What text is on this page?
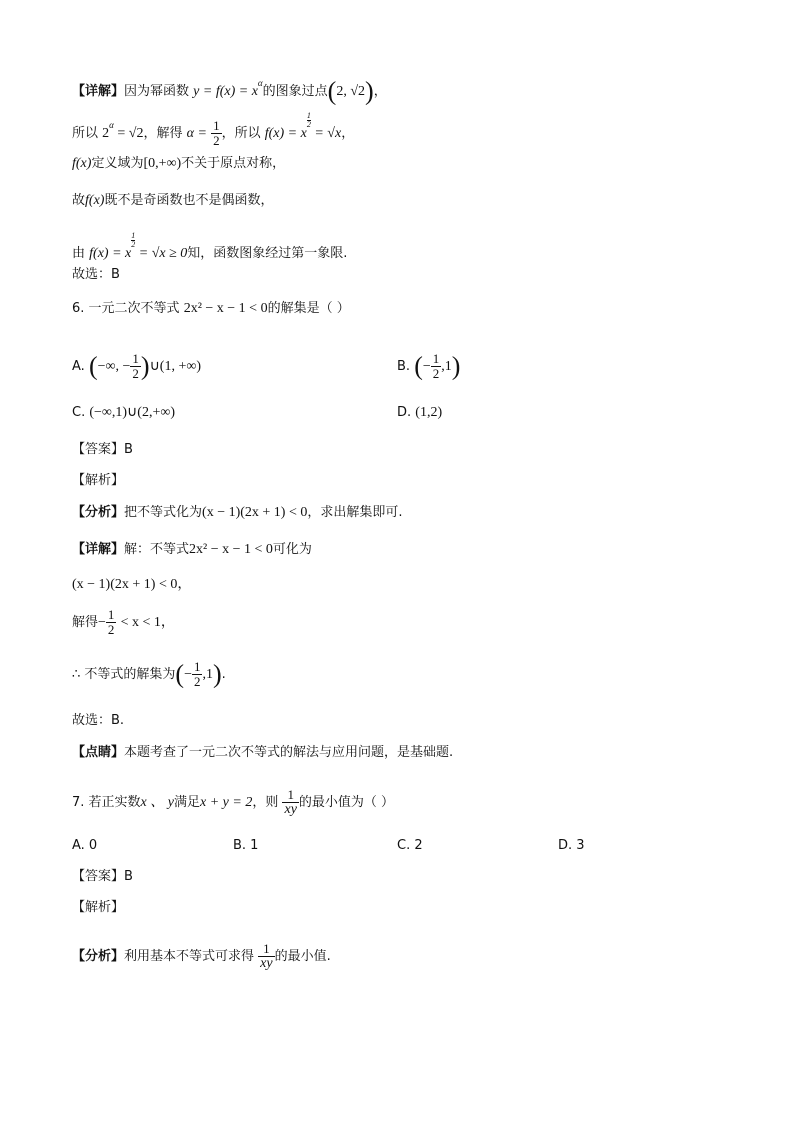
【详解】因为幂函数 $y = f(x) = x^\alpha$的图象过点(2, √2)，
所以 $2^\alpha = √2$，解得 $\alpha = \frac{1}{2}$ ，所以 f(x) = x
$\frac{1}{2}$
= √x，
f(x)定义域为[0,+∞)不关于原点对称，
故f(x)既不是奇函数也不是偶函数，
由 f(x) = x
$\frac{1}{2}$
= √x ≥ 0知，函数图象经过第一象限.
故选：B
6. 一元二次不等式 2x² − x − 1 < 0的解集是（ ）
A. (−∞, − $\frac{1}{2}$ )∪(1, +∞)	B. (− $\frac{1}{2} ,1$)
C. (−∞,1)∪(2,+∞)	D. (1,2)
【答案】B
【解析】
【分析】把不等式化为(x − 1)(2x + 1) < 0，求出解集即可.
【详解】解：不等式2x² − x − 1 < 0可化为
(x − 1)(2x + 1) < 0，
解得− $\frac{1}{2} < x < 1$，
∴ 不等式的解集为(− $\frac{1}{2} ,1$).
故选：B.
【点睛】本题考查了一元二次不等式的解法与应用问题，是基础题.
7. 若正实数x 、 y满足x + y = 2，则 $\frac{1}{xy}$ 的最小值为（ ）
A. 0	B. 1	C. 2	D. 3
【答案】B
【解析】
【分析】利用基本不等式可求得 $\frac{1}{xy}$ 的最小值.
